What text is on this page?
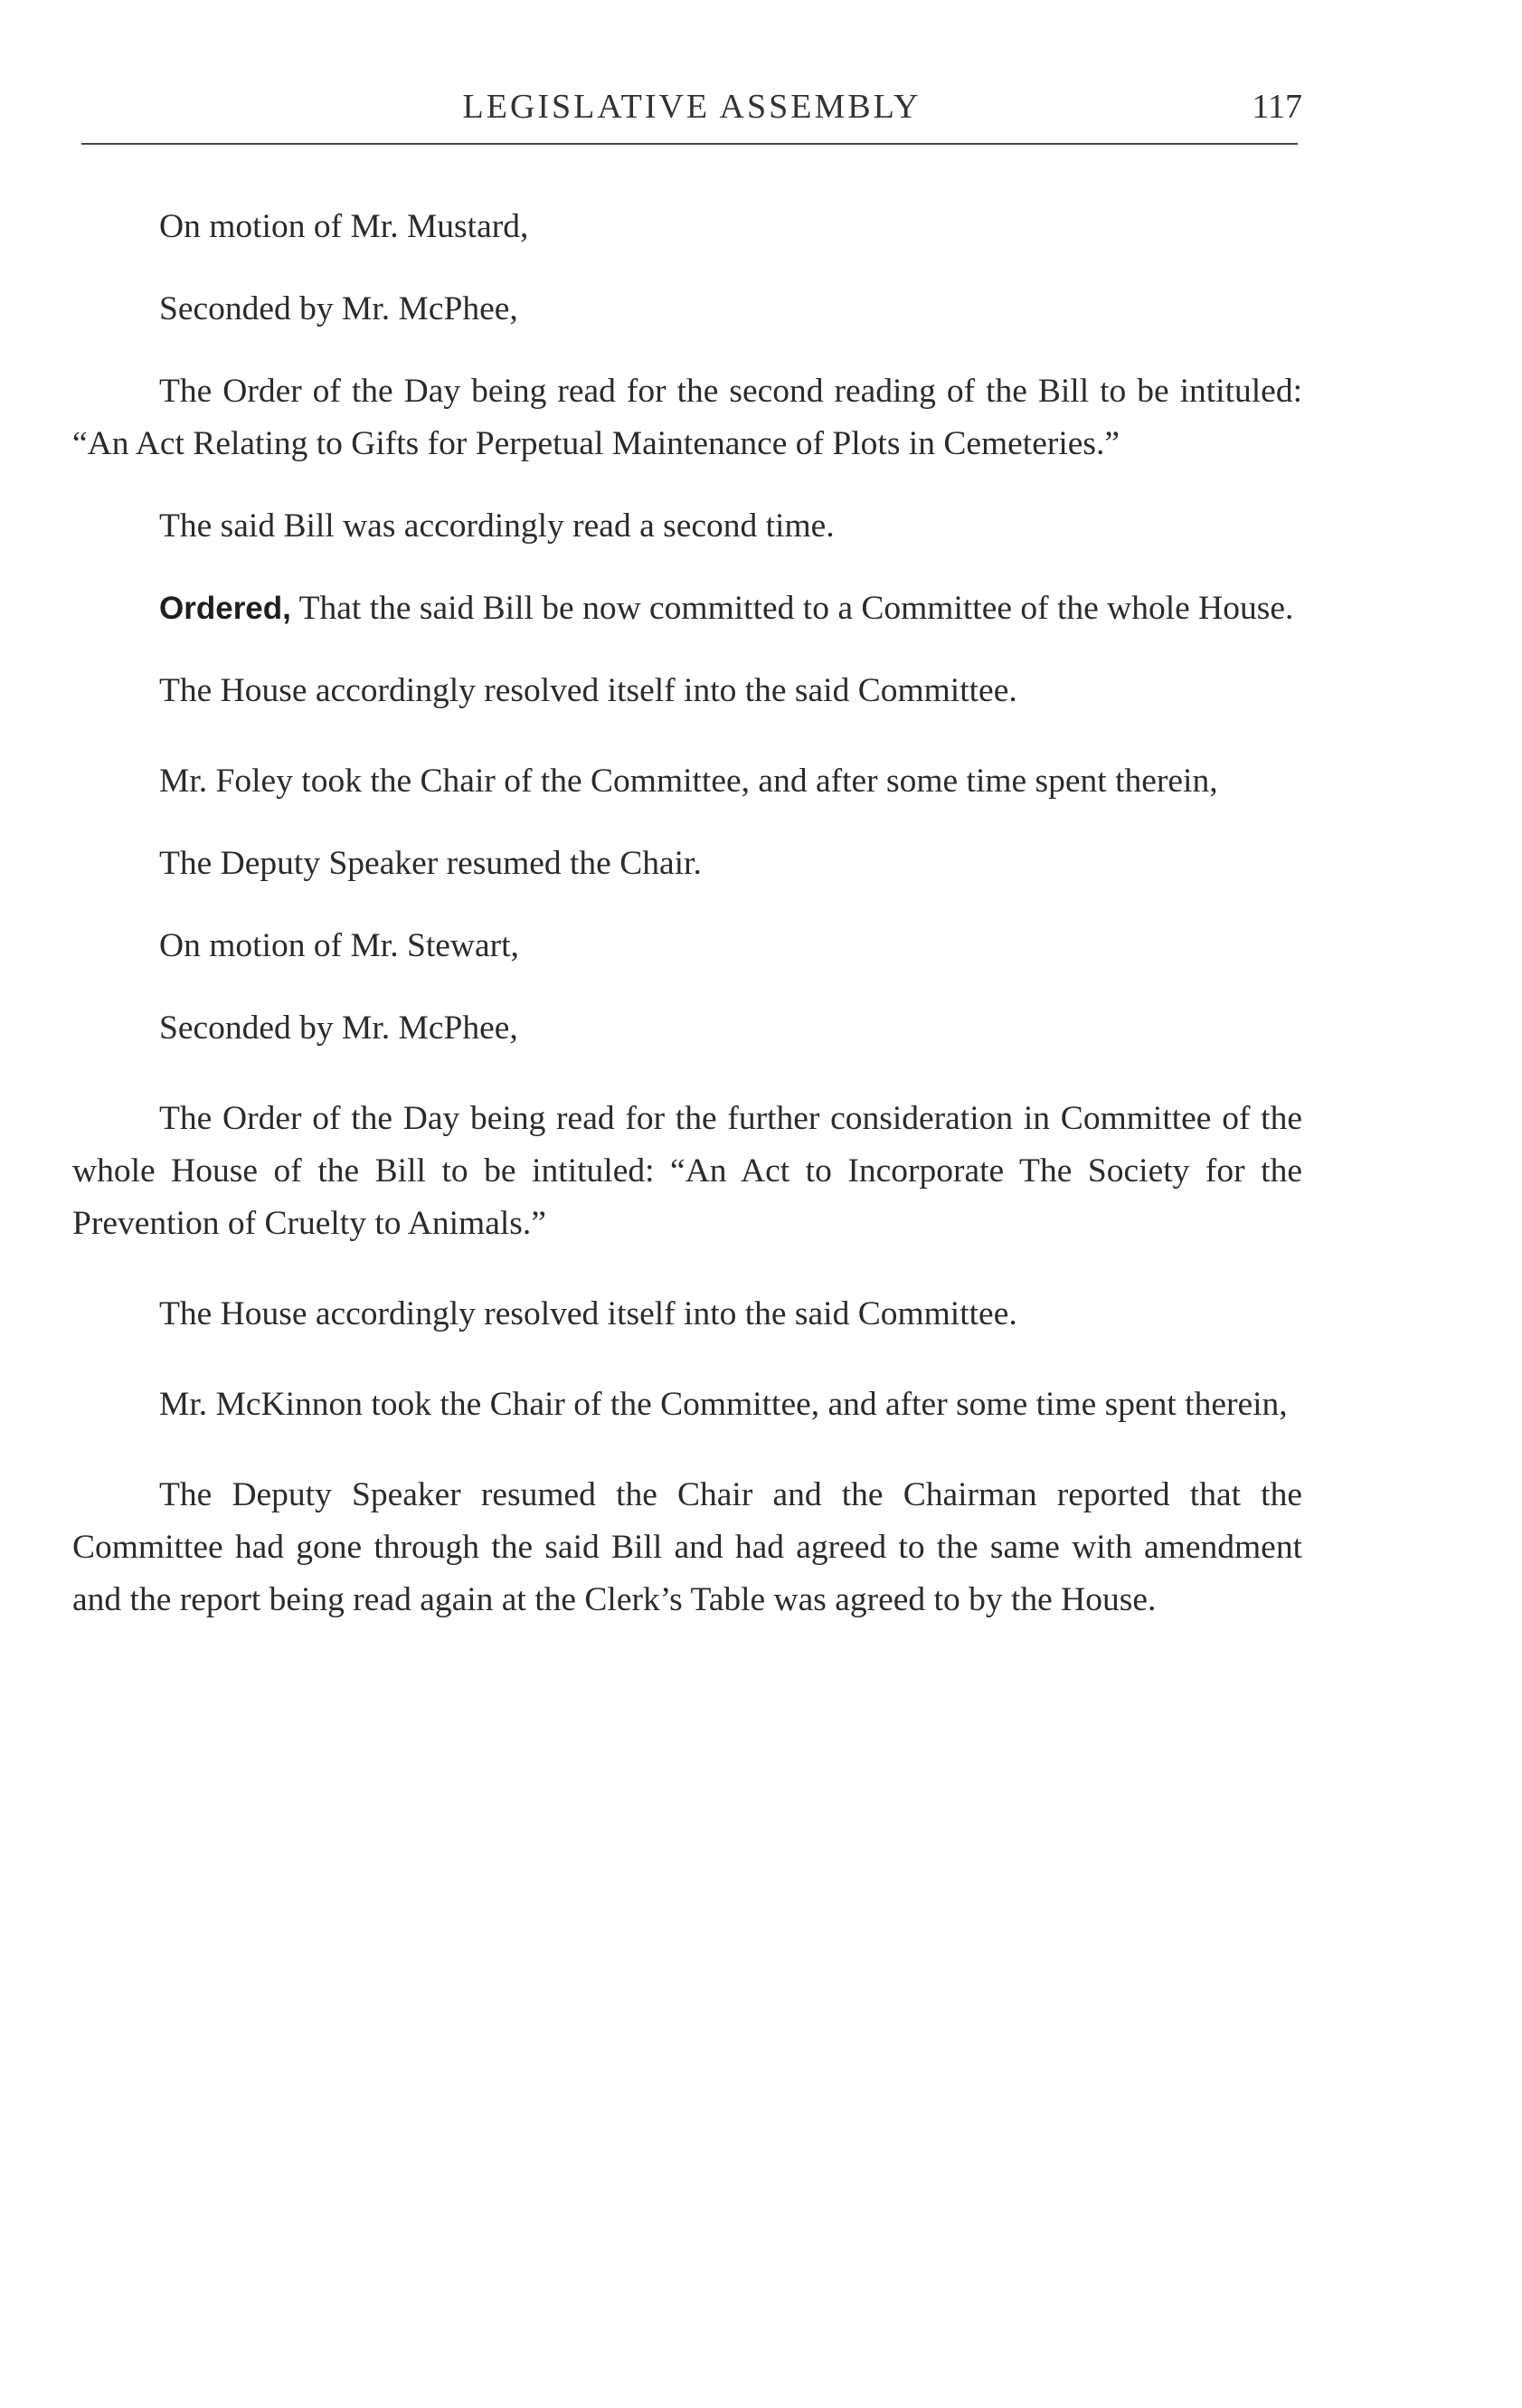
LEGISLATIVE ASSEMBLY	117

On motion of Mr. Mustard,

Seconded by Mr. McPhee,

The Order of the Day being read for the second reading of the Bill to be intituled: “An Act Relating to Gifts for Perpetual Maintenance of Plots in Cemeteries.”

The said Bill was accordingly read a second time.

Ordered, That the said Bill be now committed to a Committee of the whole House.

The House accordingly resolved itself into the said Committee.

Mr. Foley took the Chair of the Committee, and after some time spent therein,

The Deputy Speaker resumed the Chair.

On motion of Mr. Stewart,

Seconded by Mr. McPhee,

The Order of the Day being read for the further consideration in Committee of the whole House of the Bill to be intituled: “An Act to Incorporate The Society for the Prevention of Cruelty to Animals.”

The House accordingly resolved itself into the said Committee.

Mr. McKinnon took the Chair of the Committee, and after some time spent therein,

The Deputy Speaker resumed the Chair and the Chairman reported that the Committee had gone through the said Bill and had agreed to the same with amendment and the report being read again at the Clerk’s Table was agreed to by the House.
